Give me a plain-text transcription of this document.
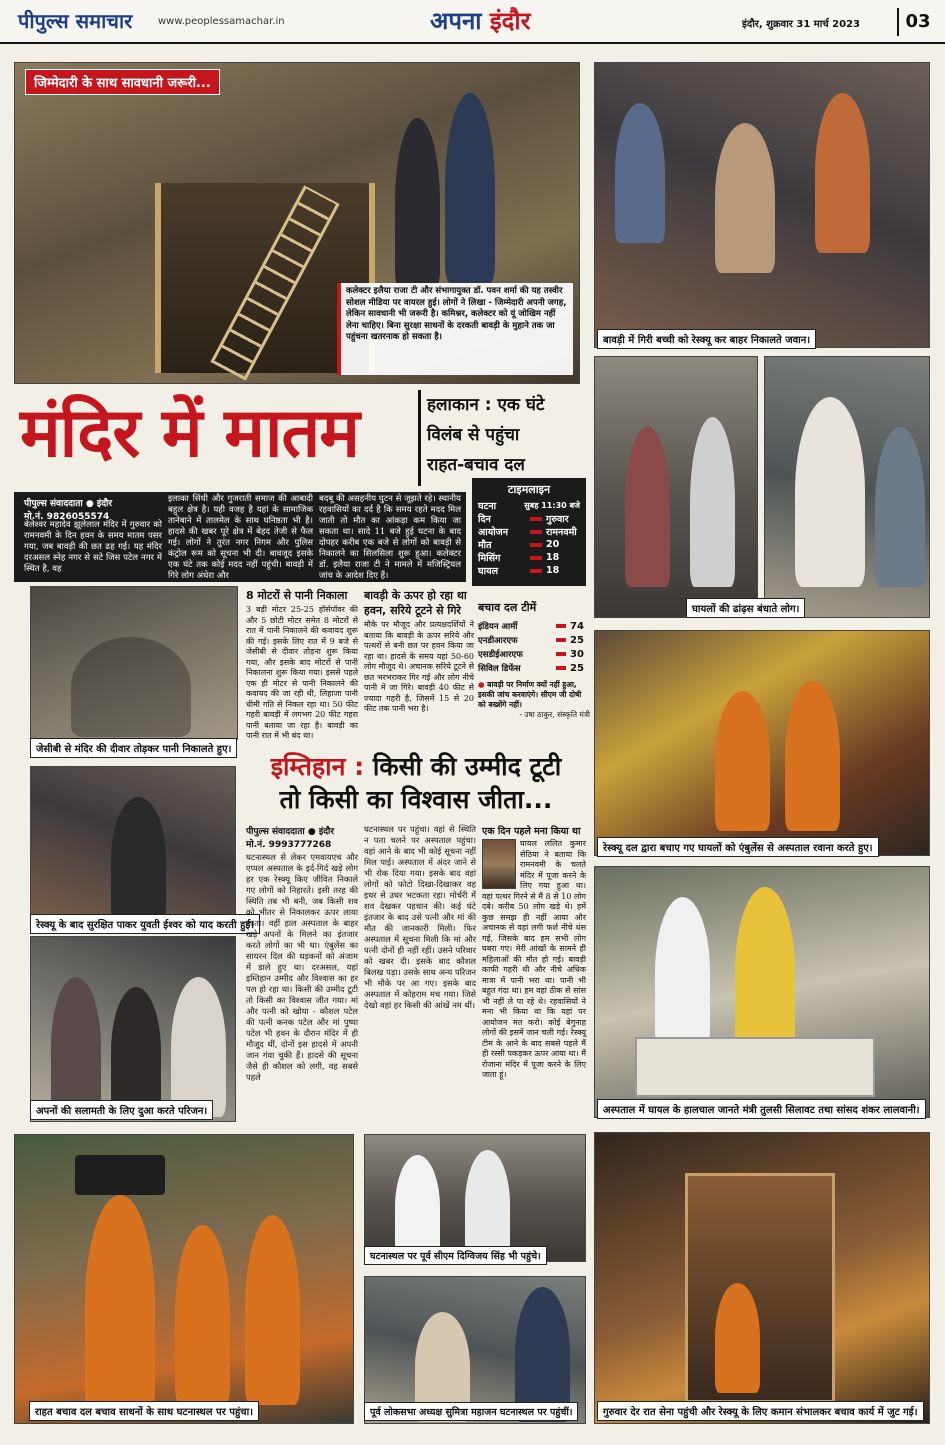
पीपुल्स समाचार	www.peoplessamachar.in	अपना इंदौर	इंदौर, शुक्रवार 31 मार्च 2023	03
जिम्मेदारी के साथ सावधानी जरूरी...
कलेक्टर इलैया राजा टी और संभागायुक्त डॉ. पवन शर्मा की यह तस्वीर सोशल मीडिया पर वायरल हुई। लोगों ने लिखा - जिम्मेदारी अपनी जगह, लेकिन सावधानी भी जरूरी है। कमिश्नर, कलेक्टर को यूं जोखिम नहीं लेना चाहिए। बिना सुरक्षा साधनों के दरकती बावड़ी के मुहाने तक जा पहुंचना खतरनाक हो सकता है।	बावड़ी में गिरी बच्ची को रेस्क्यू कर बाहर निकालते जवान।
मंदिर में मातम	हलाकान : एक घंटे
विलंब से पहुंचा
राहत-बचाव दल
घायलों की ढांढ़स बंधाते लोग।
पीपुल्स संवाददाता ● इंदौर
मो.नं. 9826055574
बेलेश्वर महादेव झूलेलाल मंदिर में गुरुवार को रामनवमी के दिन हवन के समय मातम पसर गया, जब बावड़ी की छत ढह गई। यह मंदिर दरअसल स्नेह नगर से सटे जिस पटेल नगर में स्थित है, वह
इलाका सिंधी और गुजराती समाज की आबादी बहुल क्षेत्र है। यही वजह है यहां के सामाजिक तानेबाने में तालमेल के साथ घनिष्ठता भी है। हादसे की खबर पूरे क्षेत्र में बेहद तेजी से फैल गई। लोगों ने तुरंत नगर निगम और पुलिस कंट्रोल रूम को सूचना भी दी। बावजूद इसके एक घंटे तक कोई मदद नहीं पहुंची। बावड़ी में गिरे लोग अंधेरा और
बदबू की असहनीय घुटन से जूझते रहे। स्थानीय रहवासियों का दर्द है कि समय रहते मदद मिल जाती तो मौत का आंकड़ा कम किया जा सकता था। सादे 11 बजे हुई घटना के बाद दोपहर करीब एक बजे से लोगों को बावड़ी से निकालने का सिलसिला शुरू हुआ। कलेक्टर डॉ. इलैया राजा टी ने मामले में मजिस्ट्रियल जांच के आदेश दिए हैं।
टाइमलाइन
घटना	सुबह 11:30 बजे
दिन	गुरुवार
आयोजन	रामनवमी
मौत	20
मिसिंग	18
घायल	18
जेसीबी से मंदिर की दीवार तोड़कर पानी निकालते हुए।
8 मोटरों से पानी निकाला
3 बड़ी मोटर 25-25 हॉर्सपॉवर की और 5 छोटी मोटर समेत 8 मोटरों से रात में पानी निकालने की कवायद शुरू की गई। इसके लिए रात में 9 बजे से जेसीबी से दीवार तोड़ना शुरू किया गया, और इसके बाद मोटरों से पानी निकालना शुरू किया गया। इससे पहले एक ही मोटर से पानी निकालने की कवायद की जा रही थी, लिहाजा पानी धीमी गति से निकल रहा था। 50 फीट गहरी बावड़ी में लगभग 20 फीट गहरा पानी बताया जा रहा है। बावड़ी का पानी रात में भी बंद था।
बावड़ी के ऊपर हो रहा था हवन, सरिये टूटने से गिरे
मौके पर मौजूद और प्रत्यक्षदर्शियों ने बताया कि बावड़ी के ऊपर सरिये और पत्थरों से बनी छत पर हवन किया जा रहा था। हादसे के समय यहां 50-60 लोग मौजूद थे। अचानक सरिये टूटने से छत भरभराकर गिर गई और लोग नीचे पानी में जा गिरे। बावड़ी 40 फीट से ज्यादा गहरी है, जिसमें 15 से 20 फीट तक पानी भरा है।
बचाव दल टीमें
इंडियन आर्मी	74
एनडीआरएफ	25
एसडीईआरएफ	30
सिविल डिफेंस	25
● बावड़ी पर निर्माण क्यों नहीं हुआ, इसकी जांच करवाएंगे। सीएम जी दोषी को बख्शेंगे नहीं।
- उषा ठाकुर, संस्कृति मंत्री
रेस्क्यू दल द्वारा बचाए गए घायलों को एंबुलेंस से अस्पताल रवाना करते हुए।
इम्तिहान : किसी की उम्मीद टूटी
तो किसी का विश्वास जीता...
रेस्क्यू के बाद सुरक्षित पाकर युवती ईश्वर को याद करती हुई।
पीपुल्स संवाददाता ● इंदौर
मो.नं. 9993777268
घटनास्थल से लेकर एमवायएच और एप्पल अस्पताल के इर्द-गिर्द खड़े लोग हर एक रेस्क्यू किए जीवित निकाले गए लोगों को निहारते। इसी तरह की स्थिति तब भी बनी, जब किसी शव को भीतर से निकालकर ऊपर लाया जाता। वहीं हाल अस्पताल के बाहर खड़े अपनों के मिलने का इंतजार करते लोगों का भी था। एंबुलेंस का सायरन दिल की धड़कनों को अंजाम में डाले हुए था। दरअसल, यहां इम्तिहान उम्मीद और विश्वास का हर पल हो रहा था। किसी की उम्मीद टूटी तो किसी का विश्वास जीत गया। मां और पत्नी को खोया - कौशल पटेल की पत्नी कनक पटेल और मां पुष्पा पटेल भी हवन के दौरान मंदिर में ही मौजूद थीं, दोनों इस हादसे में अपनी जान गंवा चुकी हैं। हादसे की सूचना जैसे ही कौशल को लगी, वह सबसे पहले
घटनास्थल पर पहुंचा। वहां से स्थिति न पता चलने पर अस्पताल पहुंचा। वहां आने के बाद भी कोई सूचना नहीं मिल पाई। अस्पताल में अंदर जाने से भी रोक दिया गया। इसके बाद वहां लोगों को फोटो दिखा-दिखाकर वह इधर से उधर भटकता रहा। मोर्चरी में शव देखकर पहचान की। कई घंटे इंतजार के बाद उसे पत्नी और मां की मौत की जानकारी मिली। फिर अस्पताल में सूचना मिली कि मां और पत्नी दोनों ही नहीं रहीं। उसने परिवार को खबर दी। इसके बाद कौशल बिलख पड़ा। उसके साथ अन्य परिजन भी मौके पर आ गए। इसके बाद अस्पताल में कोहराम मच गया। जिसे देखो वहां हर किसी की आंखें नम थीं।
एक दिन पहले मना किया था
घायल ललित कुमार सेठिया ने बताया कि रामनवमी के चलते मंदिर में पूजा करने के लिए गया हुआ था। वहां पत्थर गिरने से मैं 8 से 10 लोग दबे। करीब 50 लोग खड़े थे। हमें कुछ समझ ही नहीं आया और अचानक से वहां लगी फर्श नीचे धंस गई, जिसके बाद हम सभी लोग घबरा गए। मेरी आंखों के सामने ही महिलाओं की मौत हो गई। बावड़ी काफी गहरी थी और नीचे अधिक मात्रा में पानी भरा था। पानी भी बहुत गंदा था। हम वहां ठीक से सांस भी नहीं ले पा रहे थे। रहवासियों ने मना भी किया था कि यहां पर आयोजन मत करो। कोई बेगुनाह लोगों की इसमें जान चली गई। रेस्क्यू टीम के आने के बाद सबसे पहले मैं ही रस्सी पकड़कर ऊपर आया था। मैं रोजाना मंदिर में पूजा करने के लिए जाता हूं।
अस्पताल में घायल के हालचाल जानते मंत्री तुलसी सिलावट तथा सांसद शंकर लालवानी।
अपनों की सलामती के लिए दुआ करते परिजन।
राहत बचाव दल बचाव साधनों के साथ घटनास्थल पर पहुंचा।
घटनास्थल पर पूर्व सीएम दिग्विजय सिंह भी पहुंचे।
पूर्व लोकसभा अध्यक्ष सुमित्रा महाजन घटनास्थल पर पहुंचीं।	गुरुवार देर रात सेना पहुंची और रेस्क्यू के लिए कमान संभालकर बचाव कार्य में जुट गई।
